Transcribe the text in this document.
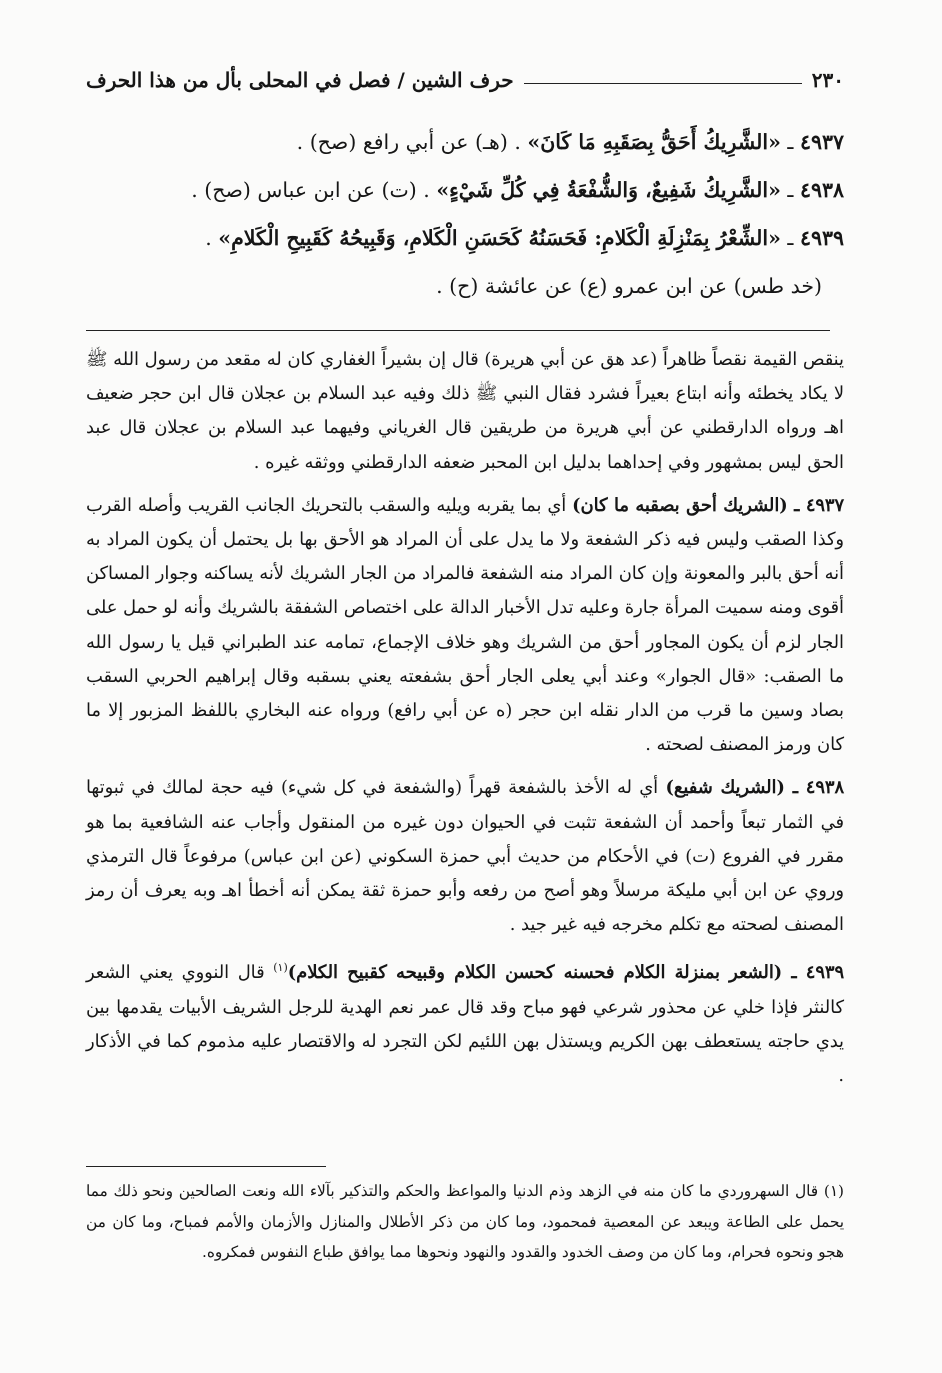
٢٣٠
حرف الشين / فصل في المحلى بأل من هذا الحرف
٤٩٣٧ ـ «الشَّرِيكُ أَحَقُّ بِصَقَبِهِ مَا كَانَ» . (هـ) عن أبي رافع (صح) .
٤٩٣٨ ـ «الشَّرِيكُ شَفِيعٌ، وَالشُّفْعَةُ فِي كُلِّ شَيْءٍ» . (ت) عن ابن عباس (صح) .
٤٩٣٩ ـ «الشِّعْرُ بِمَنْزِلَةِ الْكَلامِ: فَحَسَنُهُ كَحَسَنِ الْكَلامِ، وَقَبِيحُهُ كَقَبِيحِ الْكَلامِ» .
(خد طس) عن ابن عمرو (ع) عن عائشة (ح) .

ينقص القيمة نقصاً ظاهراً (عد هق عن أبي هريرة) قال إن بشيراً الغفاري كان له مقعد من رسول الله ﷺ لا يكاد يخطئه وأنه ابتاع بعيراً فشرد فقال النبي ﷺ ذلك وفيه عبد السلام بن عجلان قال ابن حجر ضعيف اهـ ورواه الدارقطني عن أبي هريرة من طريقين قال الغرياني وفيهما عبد السلام بن عجلان قال عبد الحق ليس بمشهور وفي إحداهما بدليل ابن المحبر ضعفه الدارقطني ووثقه غيره .

٤٩٣٧ ـ (الشريك أحق بصقبه ما كان) أي بما يقربه ويليه والسقب بالتحريك الجانب القريب وأصله القرب وكذا الصقب وليس فيه ذكر الشفعة ولا ما يدل على أن المراد هو الأحق بها بل يحتمل أن يكون المراد به أنه أحق بالبر والمعونة وإن كان المراد منه الشفعة فالمراد من الجار الشريك لأنه يساكنه وجوار المساكن أقوى ومنه سميت المرأة جارة وعليه تدل الأخبار الدالة على اختصاص الشفقة بالشريك وأنه لو حمل على الجار لزم أن يكون المجاور أحق من الشريك وهو خلاف الإجماع، تمامه عند الطبراني قيل يا رسول الله ما الصقب: «قال الجوار» وعند أبي يعلى الجار أحق بشفعته يعني بسقبه وقال إبراهيم الحربي السقب بصاد وسين ما قرب من الدار نقله ابن حجر (ه عن أبي رافع) ورواه عنه البخاري باللفظ المزبور إلا ما كان ورمز المصنف لصحته .

٤٩٣٨ ـ (الشريك شفيع) أي له الأخذ بالشفعة قهراً (والشفعة في كل شيء) فيه حجة لمالك في ثبوتها في الثمار تبعاً وأحمد أن الشفعة تثبت في الحيوان دون غيره من المنقول وأجاب عنه الشافعية بما هو مقرر في الفروع (ت) في الأحكام من حديث أبي حمزة السكوني (عن ابن عباس) مرفوعاً قال الترمذي وروي عن ابن أبي مليكة مرسلاً وهو أصح من رفعه وأبو حمزة ثقة يمكن أنه أخطأ اهـ وبه يعرف أن رمز المصنف لصحته مع تكلم مخرجه فيه غير جيد .

٤٩٣٩ ـ (الشعر بمنزلة الكلام فحسنه كحسن الكلام وقبيحه كقبيح الكلام)$^{(١)}$ قال النووي يعني الشعر كالنثر فإذا خلي عن محذور شرعي فهو مباح وقد قال عمر نعم الهدية للرجل الشريف الأبيات يقدمها بين يدي حاجته يستعطف بهن الكريم ويستذل بهن اللئيم لكن التجرد له والاقتصار عليه مذموم كما في الأذكار .

(١) قال السهروردي ما كان منه في الزهد وذم الدنيا والمواعظ والحكم والتذكير بآلاء الله ونعت الصالحين ونحو ذلك مما يحمل على الطاعة ويبعد عن المعصية فمحمود، وما كان من ذكر الأطلال والمنازل والأزمان والأمم فمباح، وما كان من هجو ونحوه فحرام، وما كان من وصف الخدود والقدود والنهود ونحوها مما يوافق طباع النفوس فمكروه.
